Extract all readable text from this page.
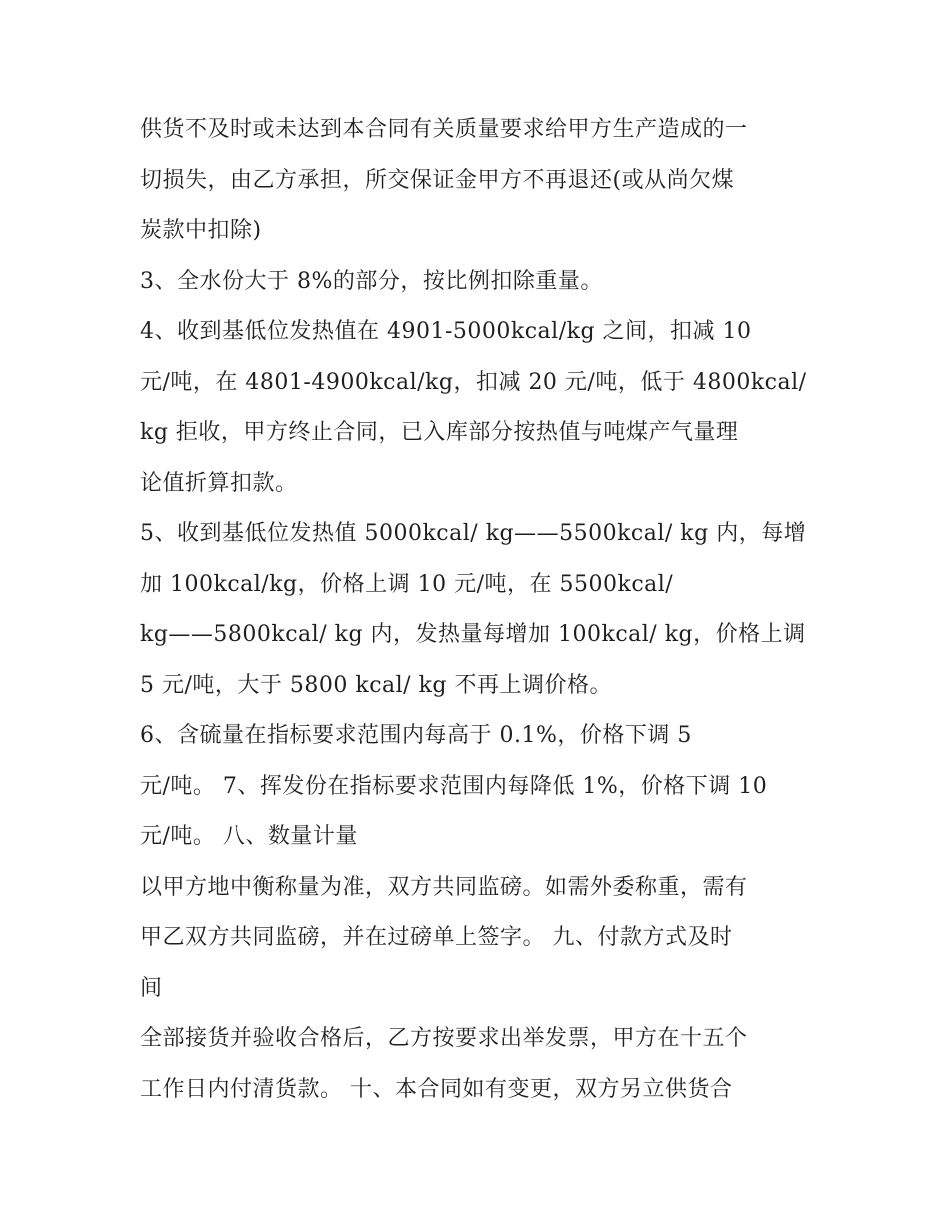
供货不及时或未达到本合同有关质量要求给甲方生产造成的一
切损失，由乙方承担，所交保证金甲方不再退还(或从尚欠煤
炭款中扣除)
3、全水份大于 8%的部分，按比例扣除重量。
4、收到基低位发热值在 4901-5000kcal/kg 之间，扣减 10
元/吨，在 4801-4900kcal/kg，扣减 20 元/吨，低于 4800kcal/
kg 拒收，甲方终止合同，已入库部分按热值与吨煤产气量理
论值折算扣款。
5、收到基低位发热值 5000kcal/ kg——5500kcal/ kg 内，每增
加 100kcal/kg，价格上调 10 元/吨，在 5500kcal/
kg——5800kcal/ kg 内，发热量每增加 100kcal/ kg，价格上调
5 元/吨，大于 5800 kcal/ kg 不再上调价格。
6、含硫量在指标要求范围内每高于 0.1%，价格下调 5
元/吨。 7、挥发份在指标要求范围内每降低 1%，价格下调 10
元/吨。 八、数量计量
以甲方地中衡称量为准，双方共同监磅。如需外委称重，需有
甲乙双方共同监磅，并在过磅单上签字。 九、付款方式及时
间
全部接货并验收合格后，乙方按要求出举发票，甲方在十五个
工作日内付清货款。 十、本合同如有变更，双方另立供货合
